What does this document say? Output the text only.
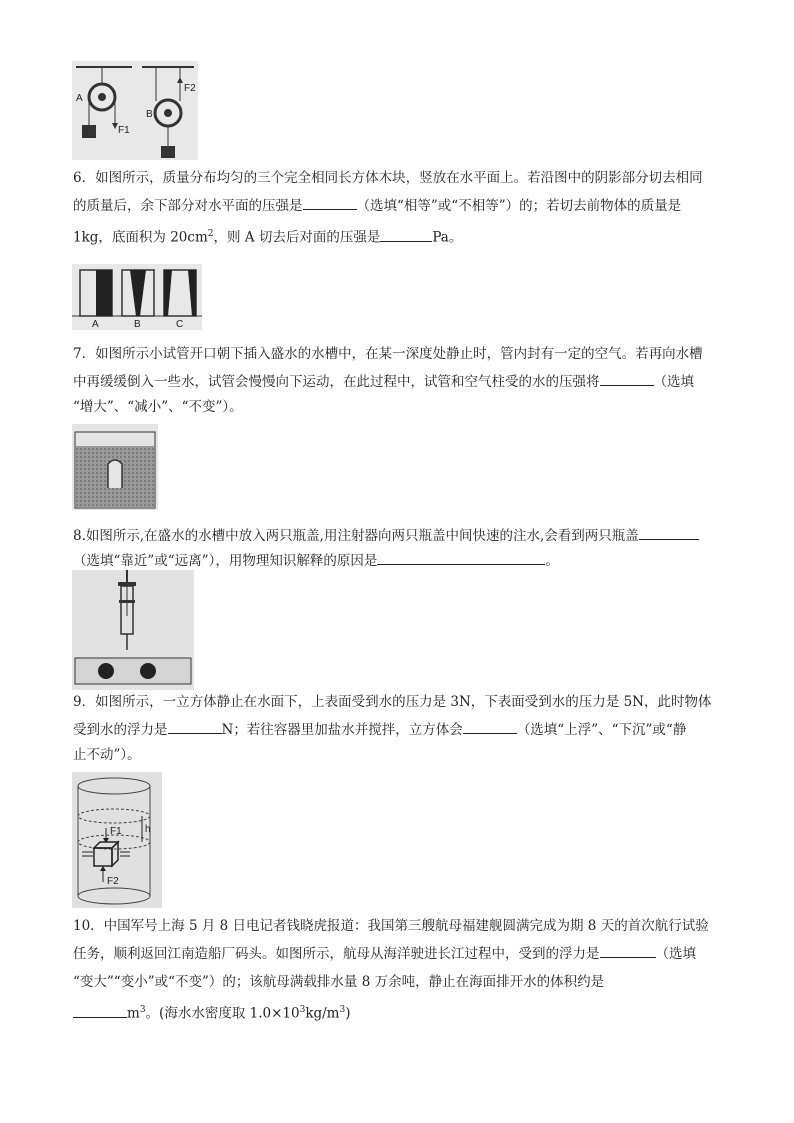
A
F1
B
F2
6．如图所示，质量分布均匀的三个完全相同长方体木块，竖放在水平面上。若沿图中的阴影部分切去相同
的质量后，余下部分对水平面的压强是	（选填“相等”或“不相等”）的；若切去前物体的质量是
1kg，底面积为 $20cm^2$，则 A 切去后对面的压强是	Pa。
A	B	C
7．如图所示小试管开口朝下插入盛水的水槽中，在某一深度处静止时，管内封有一定的空气。若再向水槽
中再缓缓倒入一些水，试管会慢慢向下运动，在此过程中，试管和空气柱受的水的压强将	（选填
“增大”、“减小”、“不变”）。
8.如图所示,在盛水的水槽中放入两只瓶盖,用注射器向两只瓶盖中间快速的注水,会看到两只瓶盖
（选填“靠近”或“远离”），用物理知识解释的原因是	。
9．如图所示，一立方体静止在水面下，上表面受到水的压力是 3N，下表面受到水的压力是 5N，此时物体
受到水的浮力是	N；若往容器里加盐水并搅拌，立方体会	（选填“上浮”、“下沉”或“静
止不动”）。
F1 h
F2
10．中国军号上海 5 月 8 日电记者钱晓虎报道：我国第三艘航母福建舰圆满完成为期 8 天的首次航行试验
任务，顺利返回江南造船厂码头。如图所示，航母从海洋驶进长江过程中，受到的浮力是	（选填
“变大”“变小”或“不变”）的；该航母满载排水量 8 万余吨，静止在海面排开水的体积约是
$m^3$。(海水水密度取 $1.0\times 10^3kg/m^3$)
